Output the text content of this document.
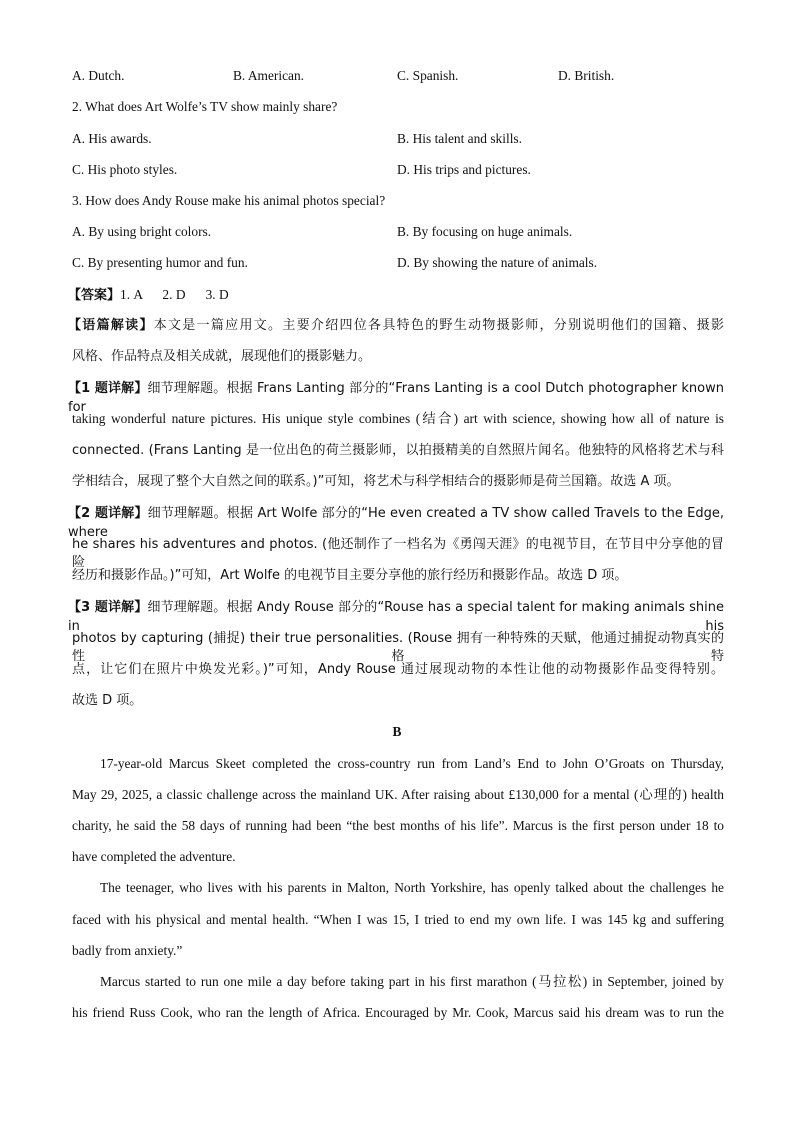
A. Dutch.	B. American.	C. Spanish.	D. British.
2. What does Art Wolfe’s TV show mainly share?
A. His awards.	B. His talent and skills.
C. His photo styles.	D. His trips and pictures.
3. How does Andy Rouse make his animal photos special?
A. By using bright colors.	B. By focusing on huge animals.
C. By presenting humor and fun.	D. By showing the nature of animals.
【答案】1. A      2. D      3. D
【语篇解读】本文是一篇应用文。主要介绍四位各具特色的野生动物摄影师，分别说明他们的国籍、摄影
风格、作品特点及相关成就，展现他们的摄影魅力。
【1 题详解】细节理解题。根据 Frans Lanting 部分的“Frans Lanting is a cool Dutch photographer known for
taking wonderful nature pictures. His unique style combines (结合) art with science, showing how all of nature is
connected. (Frans Lanting 是一位出色的荷兰摄影师，以拍摄精美的自然照片闻名。他独特的风格将艺术与科
学相结合，展现了整个大自然之间的联系。)”可知，将艺术与科学相结合的摄影师是荷兰国籍。故选 A 项。
【2 题详解】细节理解题。根据 Art Wolfe 部分的“He even created a TV show called Travels to the Edge, where
he shares his adventures and photos. (他还制作了一档名为《勇闯天涯》的电视节目，在节目中分享他的冒险
经历和摄影作品。)”可知，Art Wolfe 的电视节目主要分享他的旅行经历和摄影作品。故选 D 项。
【3 题详解】细节理解题。根据 Andy Rouse 部分的“Rouse has a special talent for making animals shine in his
photos by capturing (捕捉) their true personalities. (Rouse 拥有一种特殊的天赋，他通过捕捉动物真实的性格特
点，让它们在照片中焕发光彩。)”可知，Andy Rouse 通过展现动物的本性让他的动物摄影作品变得特别。
故选 D 项。
B
17-year-old Marcus Skeet completed the cross-country run from Land’s End to John O’Groats on Thursday,
May 29, 2025, a classic challenge across the mainland UK. After raising about £130,000 for a mental (心理的) health
charity, he said the 58 days of running had been “the best months of his life”. Marcus is the first person under 18 to
have completed the adventure.
The teenager, who lives with his parents in Malton, North Yorkshire, has openly talked about the challenges he
faced with his physical and mental health. “When I was 15, I tried to end my own life. I was 145 kg and suffering
badly from anxiety.”
Marcus started to run one mile a day before taking part in his first marathon (马拉松) in September, joined by
his friend Russ Cook, who ran the length of Africa. Encouraged by Mr. Cook, Marcus said his dream was to run the
